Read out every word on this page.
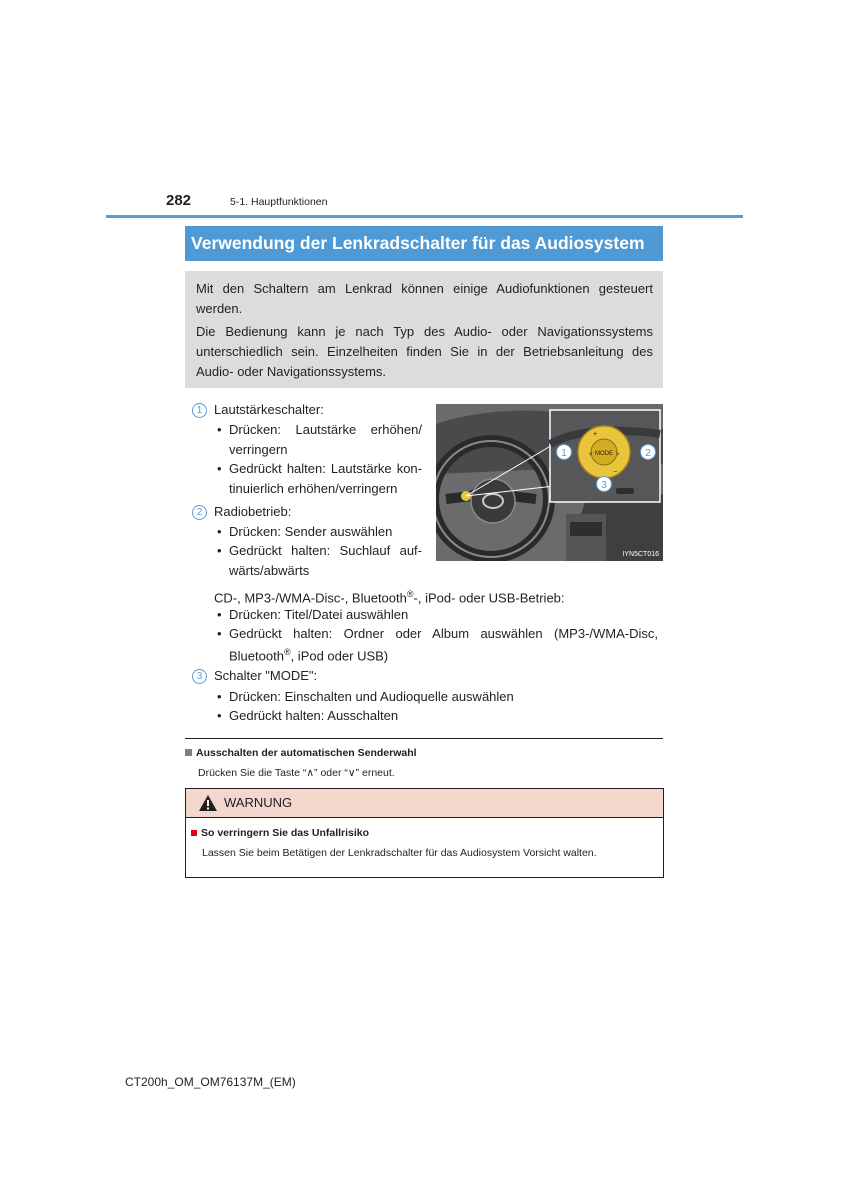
282	5-1. Hauptfunktionen
Verwendung der Lenkradschalter für das Audiosystem

Mit den Schaltern am Lenkrad können einige Audiofunktionen gesteuert werden.

Die Bedienung kann je nach Typ des Audio- oder Navigationssystems unterschiedlich sein. Einzelheiten finden Sie in der Betriebsanleitung des Audio- oder Navigationssystems.

1 Lautstärkeschalter:
• Drücken: Lautstärke erhöhen/
verringern
• Gedrückt halten: Lautstärke kon-
tinuierlich erhöhen/verringern
2 Radiobetrieb:
• Drücken: Sender auswählen
• Gedrückt halten: Suchlauf auf-
wärts/abwärts
CD-, MP3-/WMA-Disc-, Bluetooth®-, iPod- oder USB-Betrieb:
• Drücken: Titel/Datei auswählen
• Gedrückt halten: Ordner oder Album auswählen (MP3-/WMA-Disc,
Bluetooth®, iPod oder USB)
3 Schalter "MODE":
• Drücken: Einschalten und Audioquelle auswählen
• Gedrückt halten: Ausschalten
MODE
+
<	>
−
1	2
3
IYN5CT016
Ausschalten der automatischen Senderwahl
Drücken Sie die Taste “∧” oder “∨” erneut.
WARNUNG
So verringern Sie das Unfallrisiko
Lassen Sie beim Betätigen der Lenkradschalter für das Audiosystem Vorsicht walten.
CT200h_OM_OM76137M_(EM)
